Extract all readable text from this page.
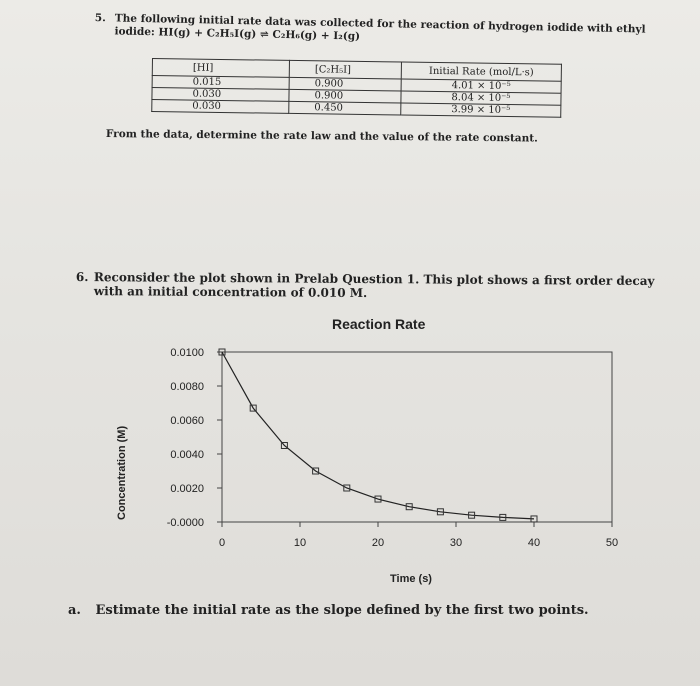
5. The following initial rate data was collected for the reaction of hydrogen iodide with ethyl iodide: HI(g) + C₂H₅I(g) ⇌ C₂H₆(g) + I₂(g)
[HI]	[C₂H₅I]	Initial Rate (mol/L·s)
0.015	0.900	4.01 × 10⁻⁵
0.030	0.900	8.04 × 10⁻⁵
0.030	0.450	3.99 × 10⁻⁵
From the data, determine the rate law and the value of the rate constant.
6. Reconsider the plot shown in Prelab Question 1. This plot shows a first order decay with an initial concentration of 0.010 M.
Reaction Rate
0	10	20	30	40	50
-0.0000
0.0020
0.0040
0.0060
0.0080
0.0100
Concentration (M)
Time (s)
a. Estimate the initial rate as the slope defined by the first two points.
